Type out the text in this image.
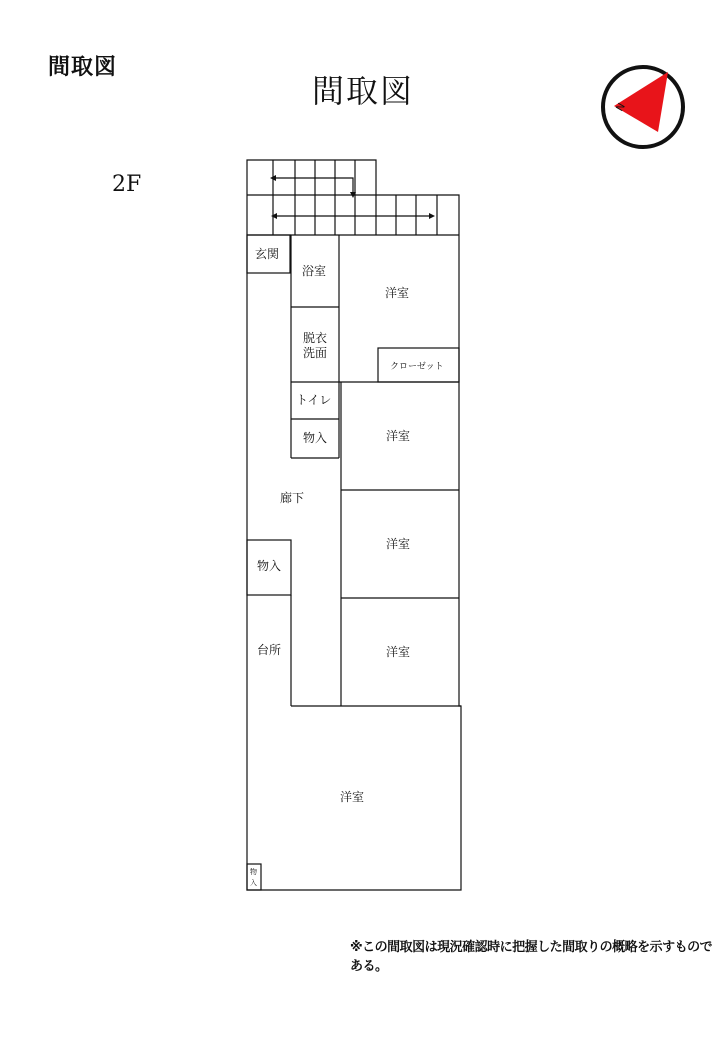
間取図
間取図
2F
N
玄関
浴室
脱衣
洗面
トイレ
物入
クローゼット
廊下
物入
台所
洋室
洋室
洋室
洋室
洋室
物
入
※この間取図は現況確認時に把握した間取りの概略を示すものである。
